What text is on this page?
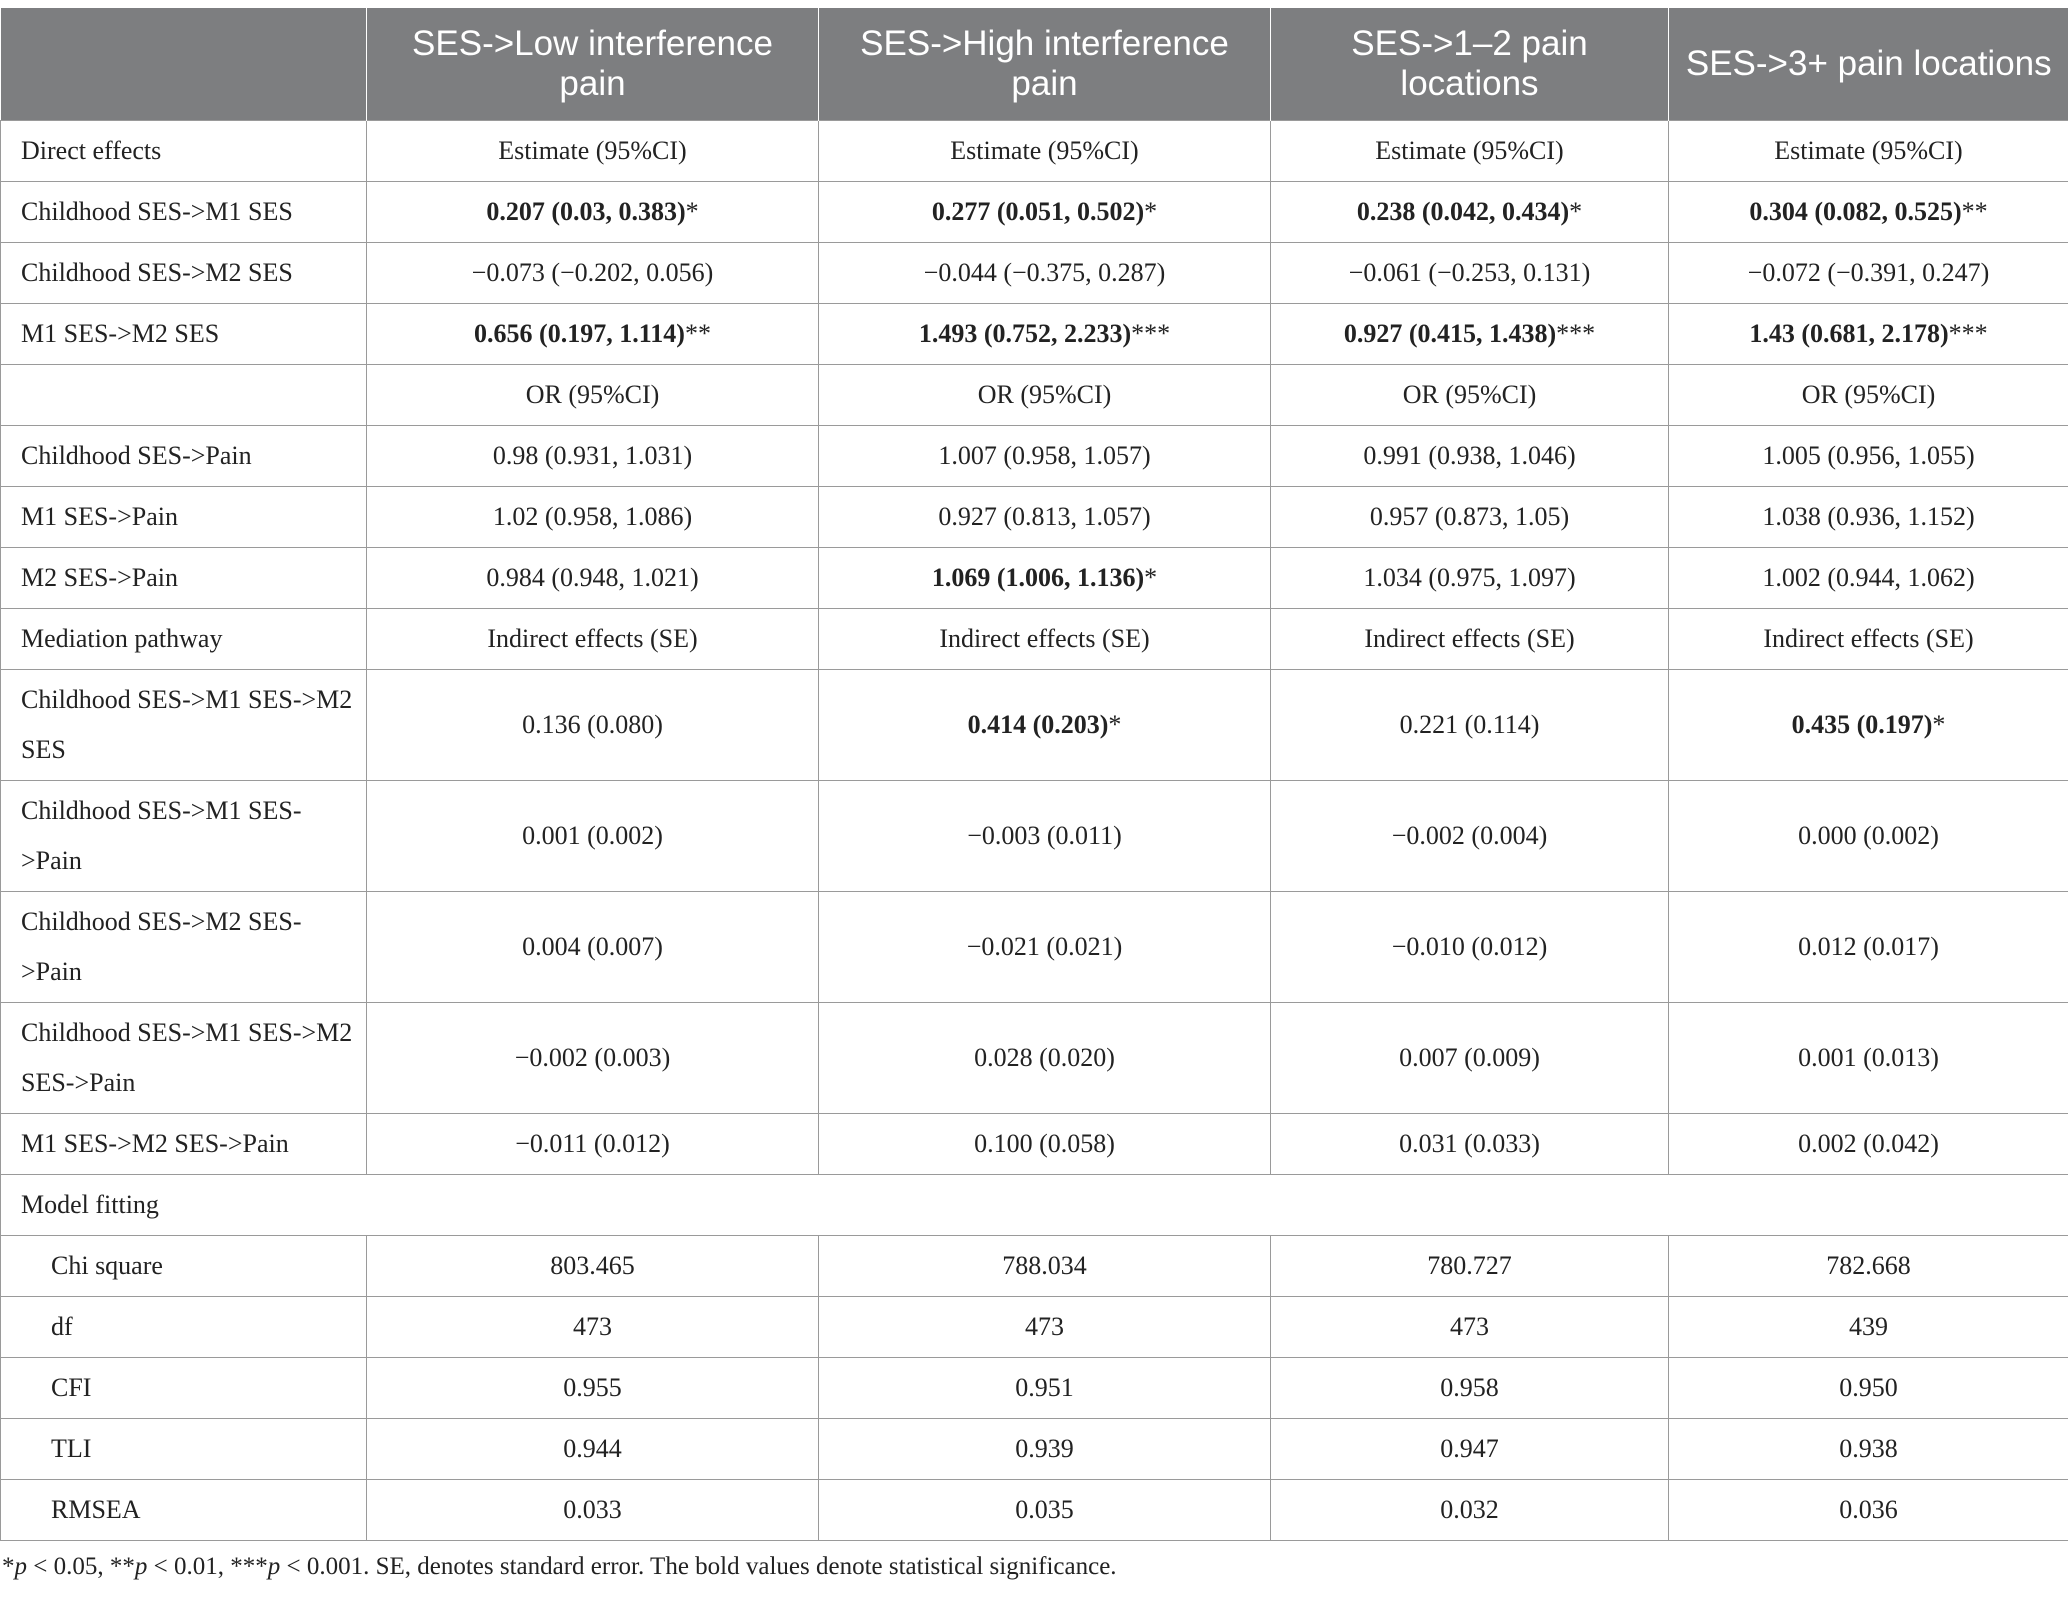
	SES->Low interference pain	SES->High interference pain	SES->1–2 pain locations	SES->3+ pain locations
Direct effects	Estimate (95%CI)	Estimate (95%CI)	Estimate (95%CI)	Estimate (95%CI)
Childhood SES->M1 SES	0.207 (0.03, 0.383)*	0.277 (0.051, 0.502)*	0.238 (0.042, 0.434)*	0.304 (0.082, 0.525)**
Childhood SES->M2 SES	−0.073 (−0.202, 0.056)	−0.044 (−0.375, 0.287)	−0.061 (−0.253, 0.131)	−0.072 (−0.391, 0.247)
M1 SES->M2 SES	0.656 (0.197, 1.114)**	1.493 (0.752, 2.233)***	0.927 (0.415, 1.438)***	1.43 (0.681, 2.178)***
	OR (95%CI)	OR (95%CI)	OR (95%CI)	OR (95%CI)
Childhood SES->Pain	0.98 (0.931, 1.031)	1.007 (0.958, 1.057)	0.991 (0.938, 1.046)	1.005 (0.956, 1.055)
M1 SES->Pain	1.02 (0.958, 1.086)	0.927 (0.813, 1.057)	0.957 (0.873, 1.05)	1.038 (0.936, 1.152)
M2 SES->Pain	0.984 (0.948, 1.021)	1.069 (1.006, 1.136)*	1.034 (0.975, 1.097)	1.002 (0.944, 1.062)
Mediation pathway	Indirect effects (SE)	Indirect effects (SE)	Indirect effects (SE)	Indirect effects (SE)
Childhood SES->M1 SES->M2 SES	0.136 (0.080)	0.414 (0.203)*	0.221 (0.114)	0.435 (0.197)*
Childhood SES->M1 SES->Pain	0.001 (0.002)	−0.003 (0.011)	−0.002 (0.004)	0.000 (0.002)
Childhood SES->M2 SES->Pain	0.004 (0.007)	−0.021 (0.021)	−0.010 (0.012)	0.012 (0.017)
Childhood SES->M1 SES->M2 SES->Pain	−0.002 (0.003)	0.028 (0.020)	0.007 (0.009)	0.001 (0.013)
M1 SES->M2 SES->Pain	−0.011 (0.012)	0.100 (0.058)	0.031 (0.033)	0.002 (0.042)
Model fitting				
Chi square	803.465	788.034	780.727	782.668
df	473	473	473	439
CFI	0.955	0.951	0.958	0.950
TLI	0.944	0.939	0.947	0.938
RMSEA	0.033	0.035	0.032	0.036
*p < 0.05, **p < 0.01, ***p < 0.001. SE, denotes standard error. The bold values denote statistical significance.
